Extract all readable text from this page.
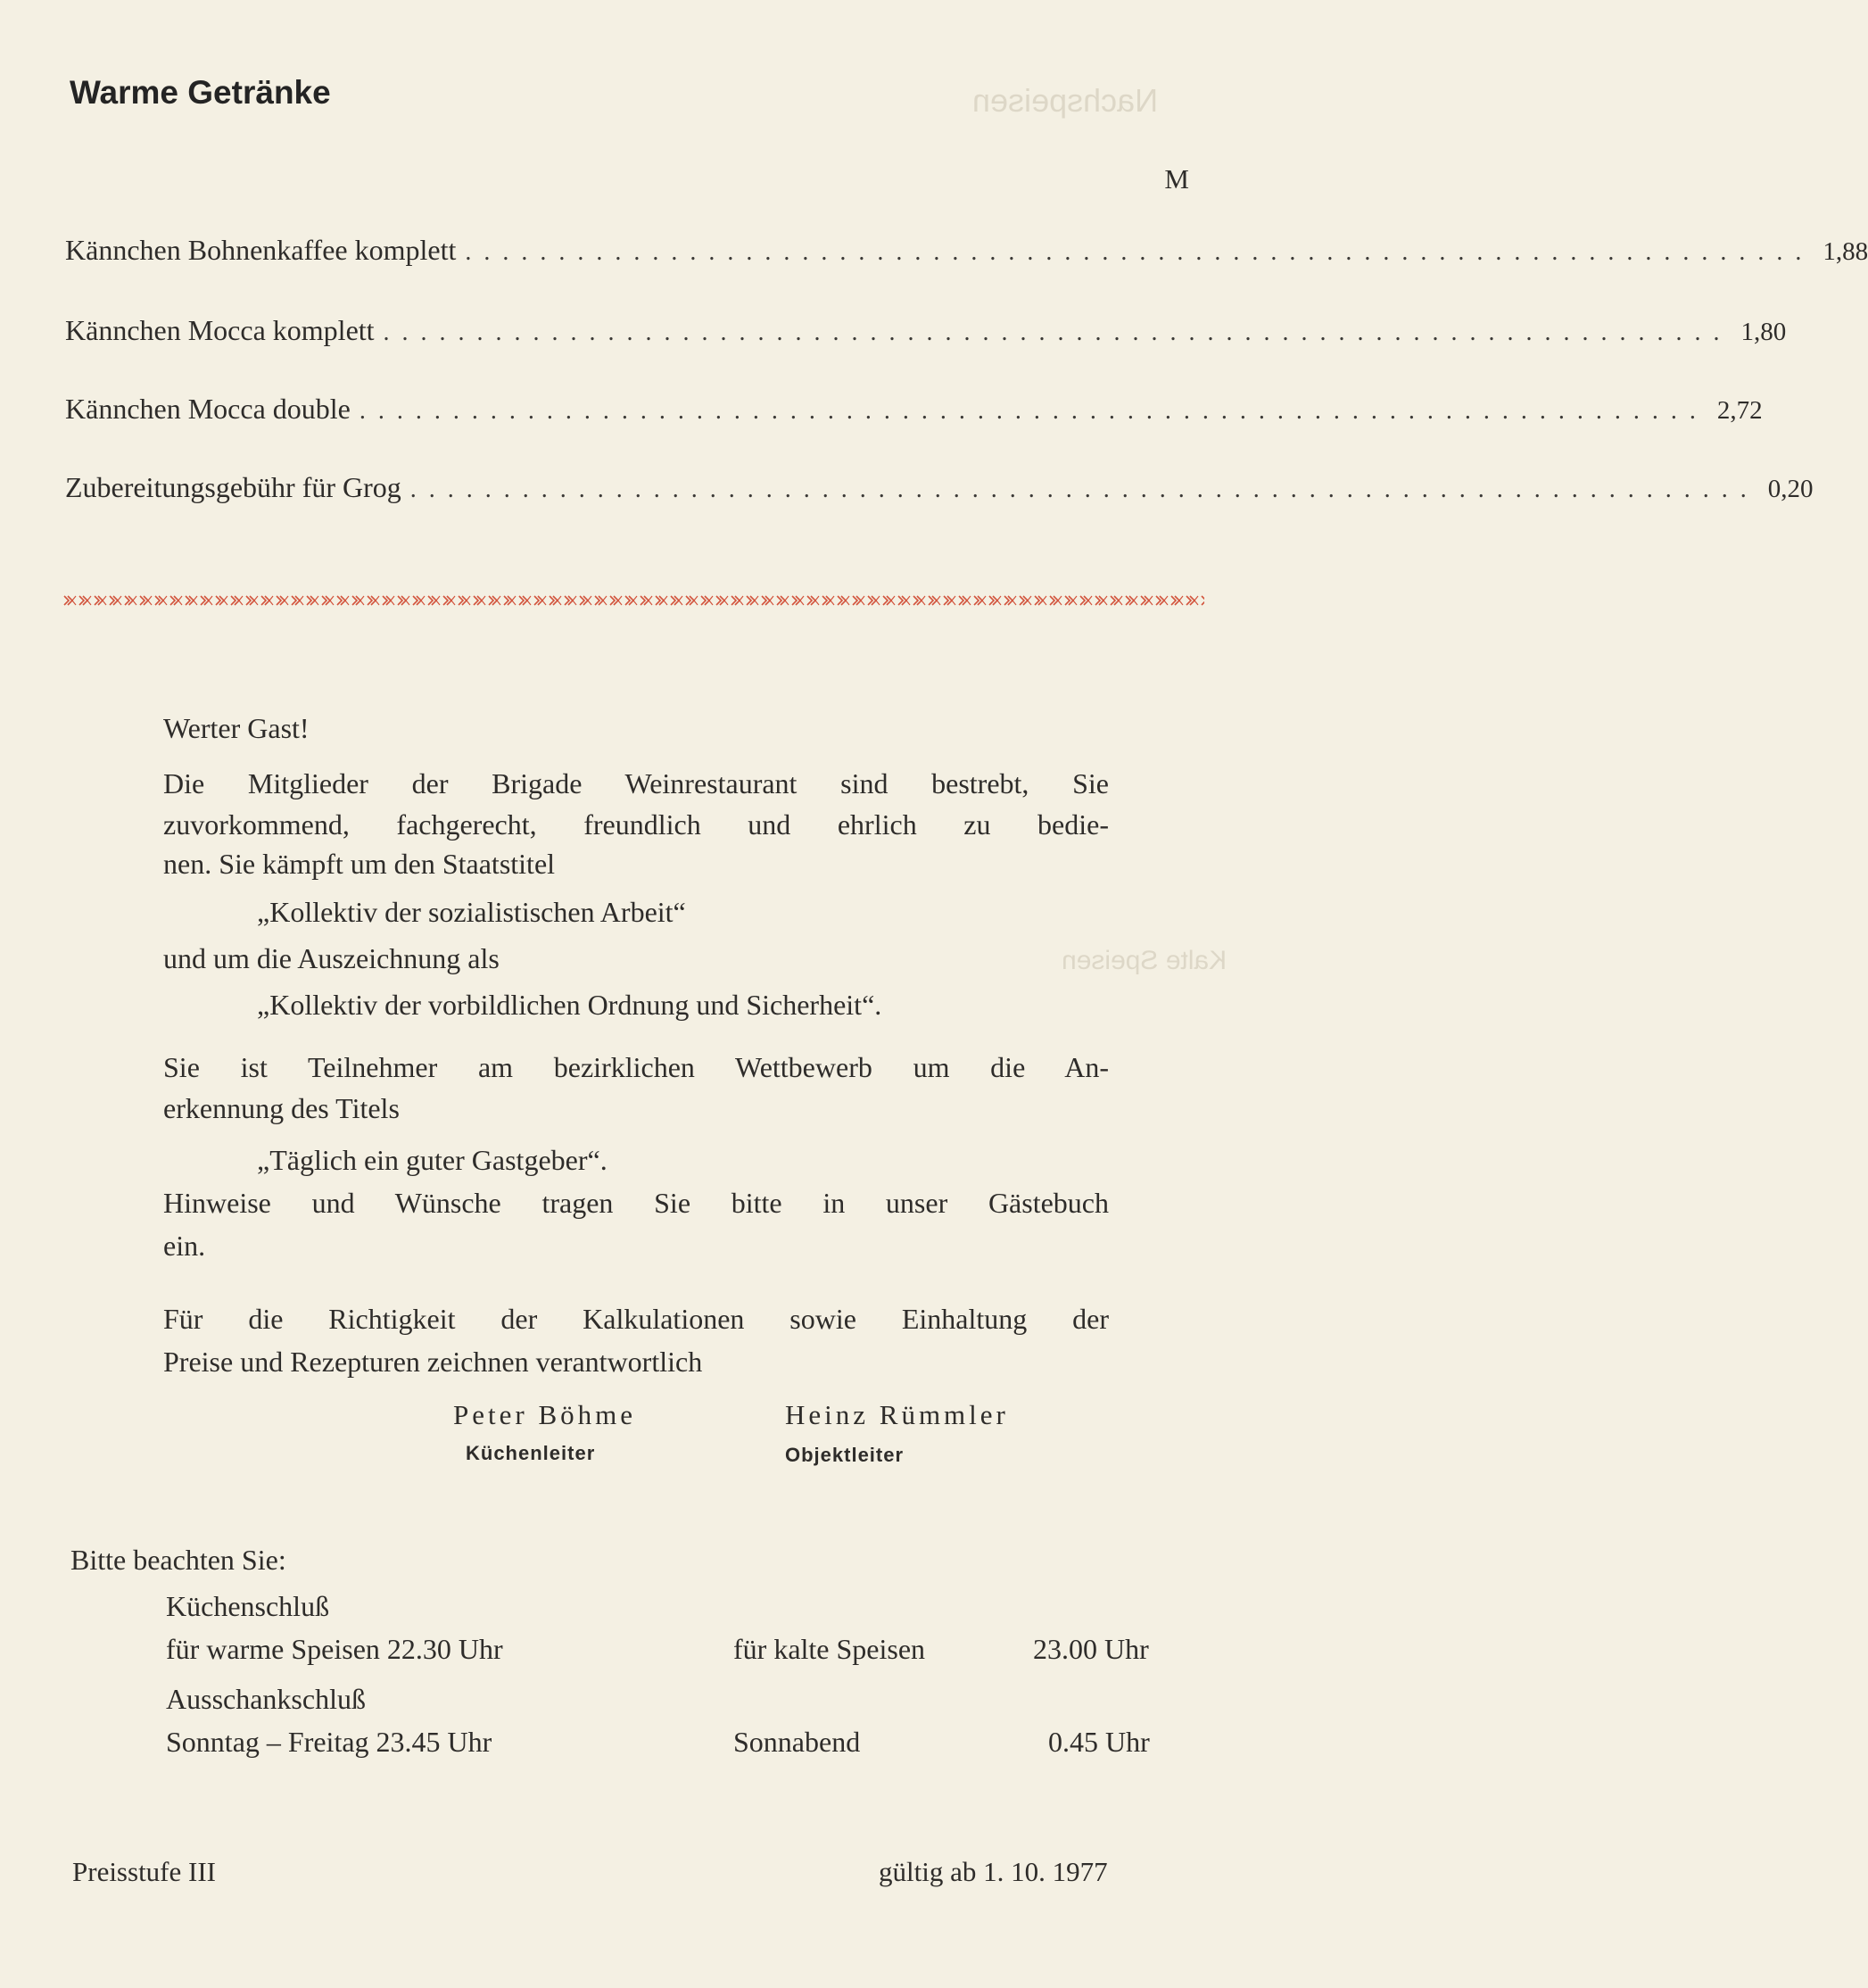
Nachspeisen
Kalte Speisen
Warme Getränke
M
Kännchen Bohnenkaffee komplett ........................................................................ 1,88
Kännchen Mocca komplett ........................................................................ 1,80
Kännchen Mocca double ........................................................................ 2,72
Zubereitungsgebühr für Grog ........................................................................ 0,20
Werter Gast!
Die Mitglieder der Brigade Weinrestaurant sind bestrebt, Sie
zuvorkommend, fachgerecht, freundlich und ehrlich zu bedie-
nen. Sie kämpft um den Staatstitel
„Kollektiv der sozialistischen Arbeit“
und um die Auszeichnung als
„Kollektiv der vorbildlichen Ordnung und Sicherheit“.
Sie ist Teilnehmer am bezirklichen Wettbewerb um die An-
erkennung des Titels
„Täglich ein guter Gastgeber“.
Hinweise und Wünsche tragen Sie bitte in unser Gästebuch
ein.
Für die Richtigkeit der Kalkulationen sowie Einhaltung der
Preise und Rezepturen zeichnen verantwortlich
Peter Böhme
Küchenleiter
Heinz Rümmler
Objektleiter
Bitte beachten Sie:
Küchenschluß
für warme Speisen 22.30 Uhr	für kalte Speisen	23.00 Uhr
Ausschankschluß
Sonntag – Freitag 23.45 Uhr	Sonnabend	0.45 Uhr
Preisstufe III	gültig ab 1. 10. 1977
